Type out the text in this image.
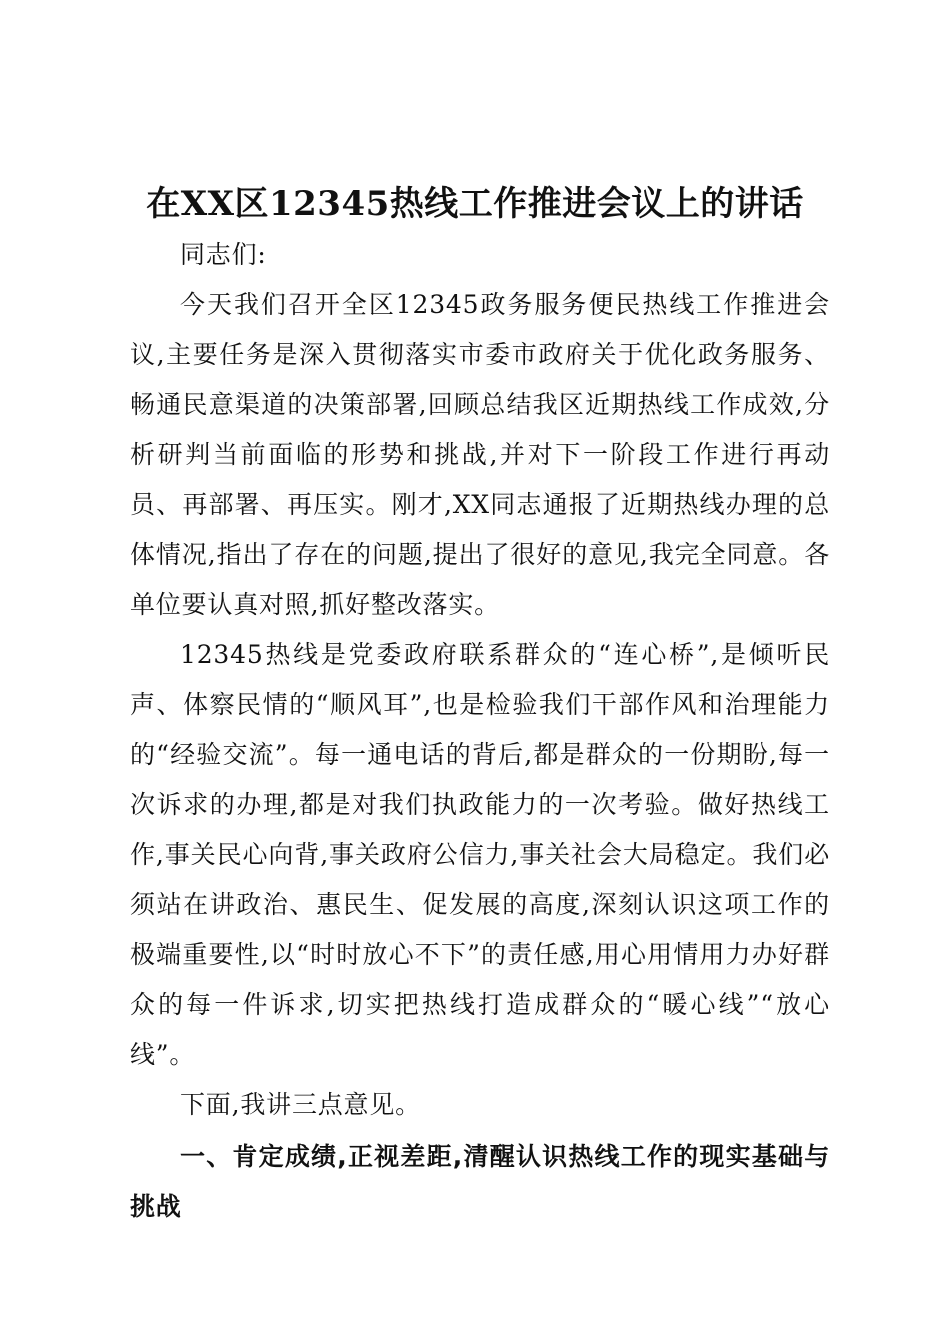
在XX区12345热线工作推进会议上的讲话

同志们:

今天我们召开全区12345政务服务便民热线工作推进会议,主要任务是深入贯彻落实市委市政府关于优化政务服务、畅通民意渠道的决策部署,回顾总结我区近期热线工作成效,分析研判当前面临的形势和挑战,并对下一阶段工作进行再动员、再部署、再压实。刚才,XX同志通报了近期热线办理的总体情况,指出了存在的问题,提出了很好的意见,我完全同意。各单位要认真对照,抓好整改落实。

12345热线是党委政府联系群众的“连心桥”,是倾听民声、体察民情的“顺风耳”,也是检验我们干部作风和治理能力的“经验交流”。每一通电话的背后,都是群众的一份期盼,每一次诉求的办理,都是对我们执政能力的一次考验。做好热线工作,事关民心向背,事关政府公信力,事关社会大局稳定。我们必须站在讲政治、惠民生、促发展的高度,深刻认识这项工作的极端重要性,以“时时放心不下”的责任感,用心用情用力办好群众的每一件诉求,切实把热线打造成群众的“暖心线”“放心线”。

下面,我讲三点意见。

一、肯定成绩,正视差距,清醒认识热线工作的现实基础与挑战
